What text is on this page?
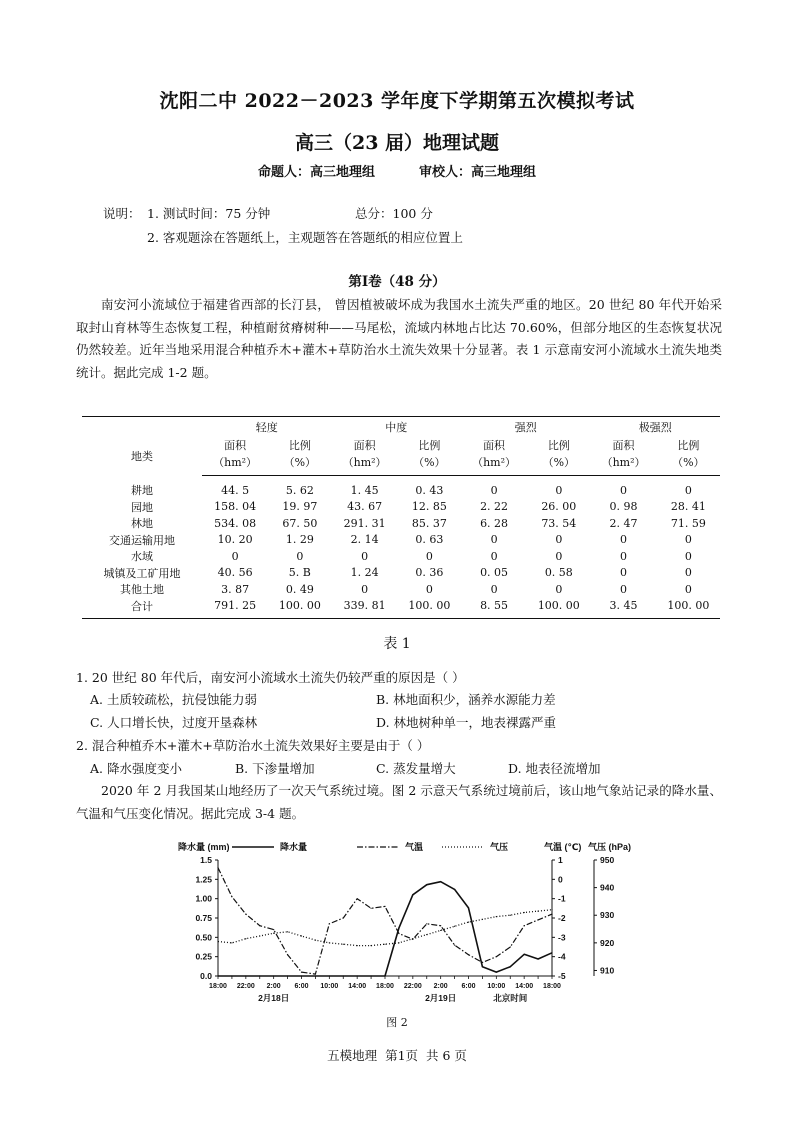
沈阳二中 2022－2023 学年度下学期第五次模拟考试
高三（23 届）地理试题
命题人：高三地理组	审校人：高三地理组
说明： 1. 测试时间：75 分钟	总分：100 分
2. 客观题涂在答题纸上，主观题答在答题纸的相应位置上
第Ⅰ卷（48 分）
南安河小流域位于福建省西部的长汀县， 曾因植被破坏成为我国水土流失严重的地区。20 世纪 80 年代开始采取封山育林等生态恢复工程，种植耐贫瘠树种——马尾松，流域内林地占比达 70.60%，但部分地区的生态恢复状况仍然较差。近年当地采用混合种植乔木+灌木+草防治水土流失效果十分显著。表 1 示意南安河小流域水土流失地类统计。据此完成 1-2 题。
	轻度		中度		强烈		极强烈	
地类	面积	比例	面积	比例	面积	比例	面积	比例
	（hm²）	（%）	（hm²）	（%）	（hm²）	（%）	（hm²）	（%）
耕地	44. 5	5. 62	1. 45	0. 43	0	0	0	0
园地	158. 04	19. 97	43. 67	12. 85	2. 22	26. 00	0. 98	28. 41
林地	534. 08	67. 50	291. 31	85. 37	6. 28	73. 54	2. 47	71. 59
交通运输用地	10. 20	1. 29	2. 14	0. 63	0	0	0	0
水域	0	0	0	0	0	0	0	0
城镇及工矿用地	40. 56	5. B	1. 24	0. 36	0. 05	0. 58	0	0
其他土地	3. 87	0. 49	0	0	0	0	0	0
合计	791. 25	100. 00	339. 81	100. 00	8. 55	100. 00	3. 45	100. 00
表 1
1. 20 世纪 80 年代后，南安河小流域水土流失仍较严重的原因是（ ）
A. 土质较疏松，抗侵蚀能力弱	B. 林地面积少，涵养水源能力差
C. 人口增长快，过度开垦森林	D. 林地树种单一，地表裸露严重
2. 混合种植乔木+灌木+草防治水土流失效果好主要是由于（ ）
A. 降水强度变小	B. 下渗量增加	C. 蒸发量增大	D. 地表径流增加
2020 年 2 月我国某山地经历了一次天气系统过境。图 2 示意天气系统过境前后，该山地气象站记录的降水量、气温和气压变化情况。据此完成 3-4 题。
0.0
0.25
0.50
0.75
1.00
1.25
1.5	1
0
-1
-2
-3
-4
-5
950
940
930
920
910
18:00 22:00 2:00 6:00 10:00 14:00 18:00 22:00 2:00 6:00 10:00 14:00 18:00
2月18日	2月19日	北京时间
降水量 (mm)	气温 (℃) 气压 (hPa)
降水量	气温	气压
图 2
五模地理 第1页 共 6 页
